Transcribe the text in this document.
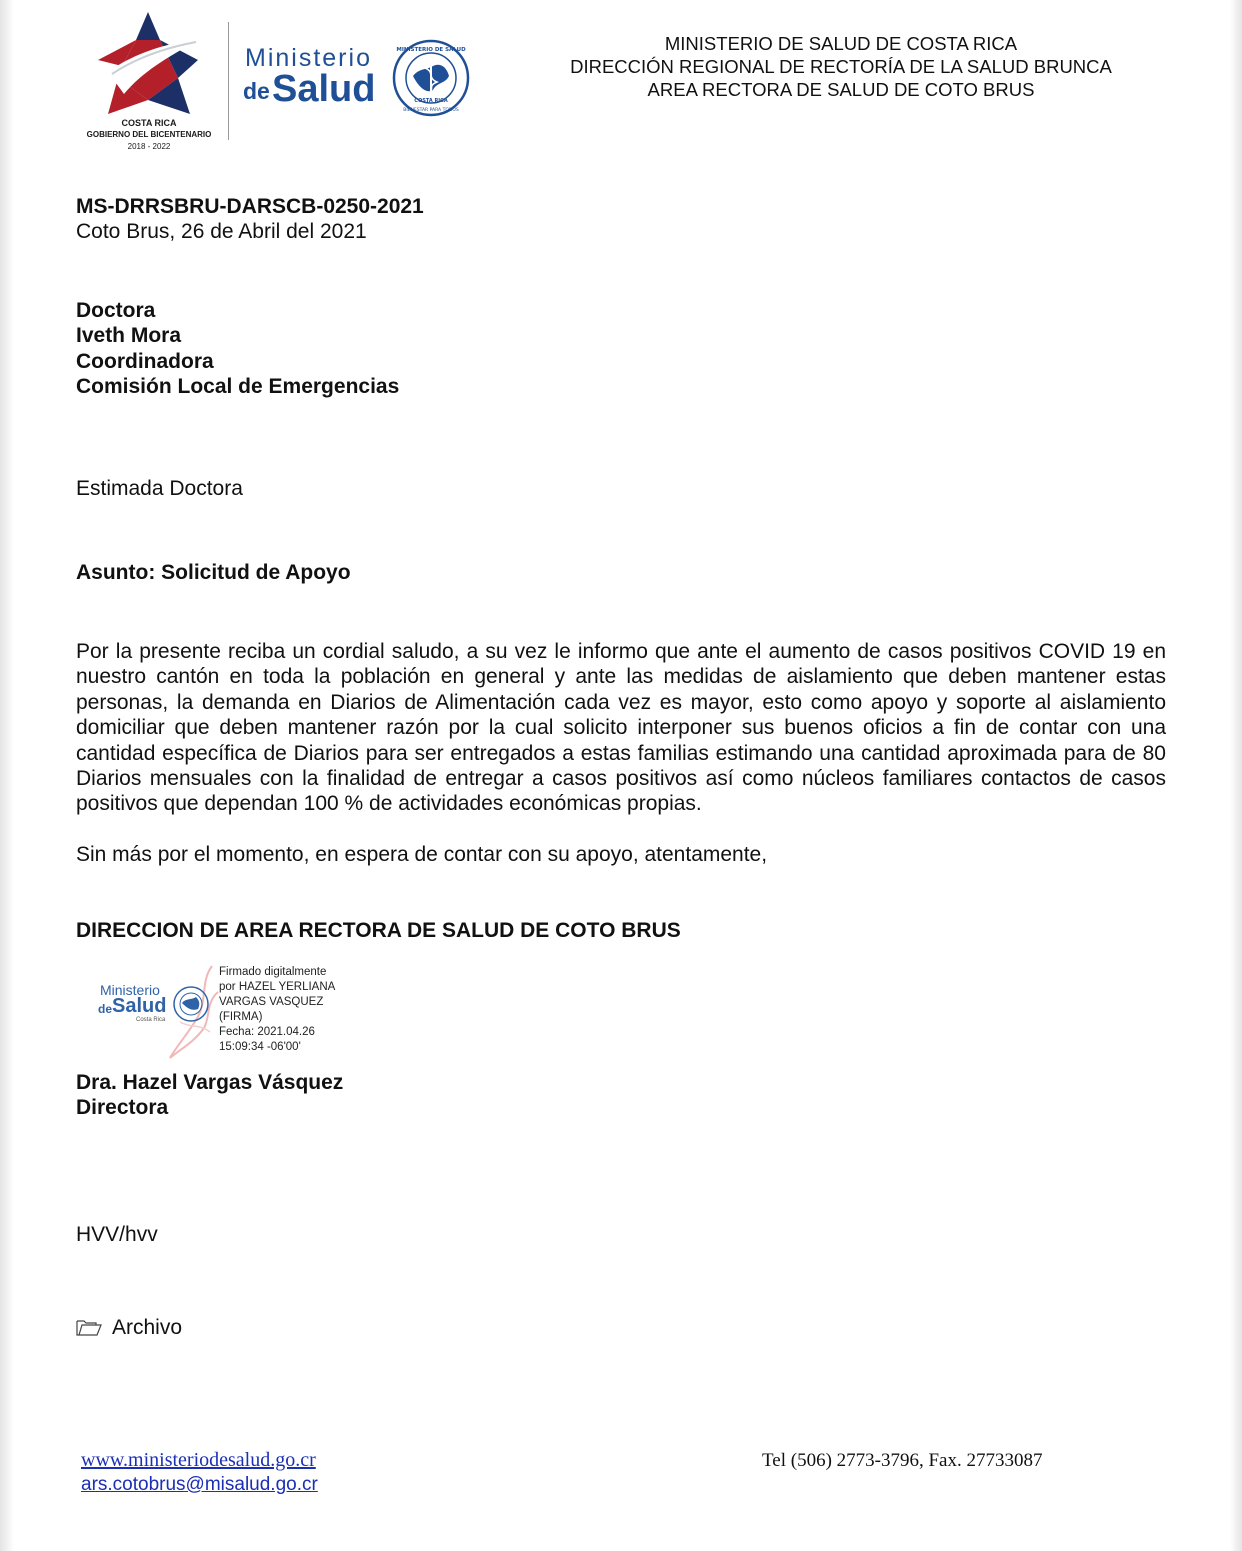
COSTA RICA
GOBIERNO DEL BICENTENARIO
2018 - 2022
Ministerio
de Salud
MINISTERIO DE SALUD
COSTA RICA
BIENESTAR PARA TODOS
MINISTERIO DE SALUD DE COSTA RICA
DIRECCIÓN REGIONAL DE RECTORÍA DE LA SALUD BRUNCA
AREA RECTORA DE SALUD DE COTO BRUS
MS-DRRSBRU-DARSCB-0250-2021
Coto Brus, 26 de Abril del 2021
Doctora
Iveth Mora
Coordinadora
Comisión Local de Emergencias
Estimada Doctora
Asunto: Solicitud de Apoyo
Por la presente reciba un cordial saludo, a su vez le informo que ante el aumento de casos positivos COVID 19 en nuestro cantón en toda la población en general y ante las medidas de aislamiento que deben mantener estas personas, la demanda en Diarios de Alimentación cada vez es mayor, esto como apoyo y soporte al aislamiento domiciliar que deben mantener razón por la cual solicito interponer sus buenos oficios a fin de contar con una cantidad específica de Diarios para ser entregados a estas familias estimando una cantidad aproximada para de 80 Diarios mensuales con la finalidad de entregar a casos positivos así como núcleos familiares contactos de casos positivos que dependan 100 % de actividades económicas propias.
Sin más por el momento, en espera de contar con su apoyo, atentamente,
DIRECCION DE AREA RECTORA DE SALUD DE COTO BRUS
Ministerio
de Salud
Costa Rica
Firmado digitalmente
por HAZEL YERLIANA
VARGAS VASQUEZ
(FIRMA)
Fecha: 2021.04.26
15:09:34 -06'00'
Dra. Hazel Vargas Vásquez
Directora
HVV/hvv
Archivo
www.ministeriodesalud.go.cr
ars.cotobrus@misalud.go.cr
Tel (506) 2773-3796, Fax. 27733087
